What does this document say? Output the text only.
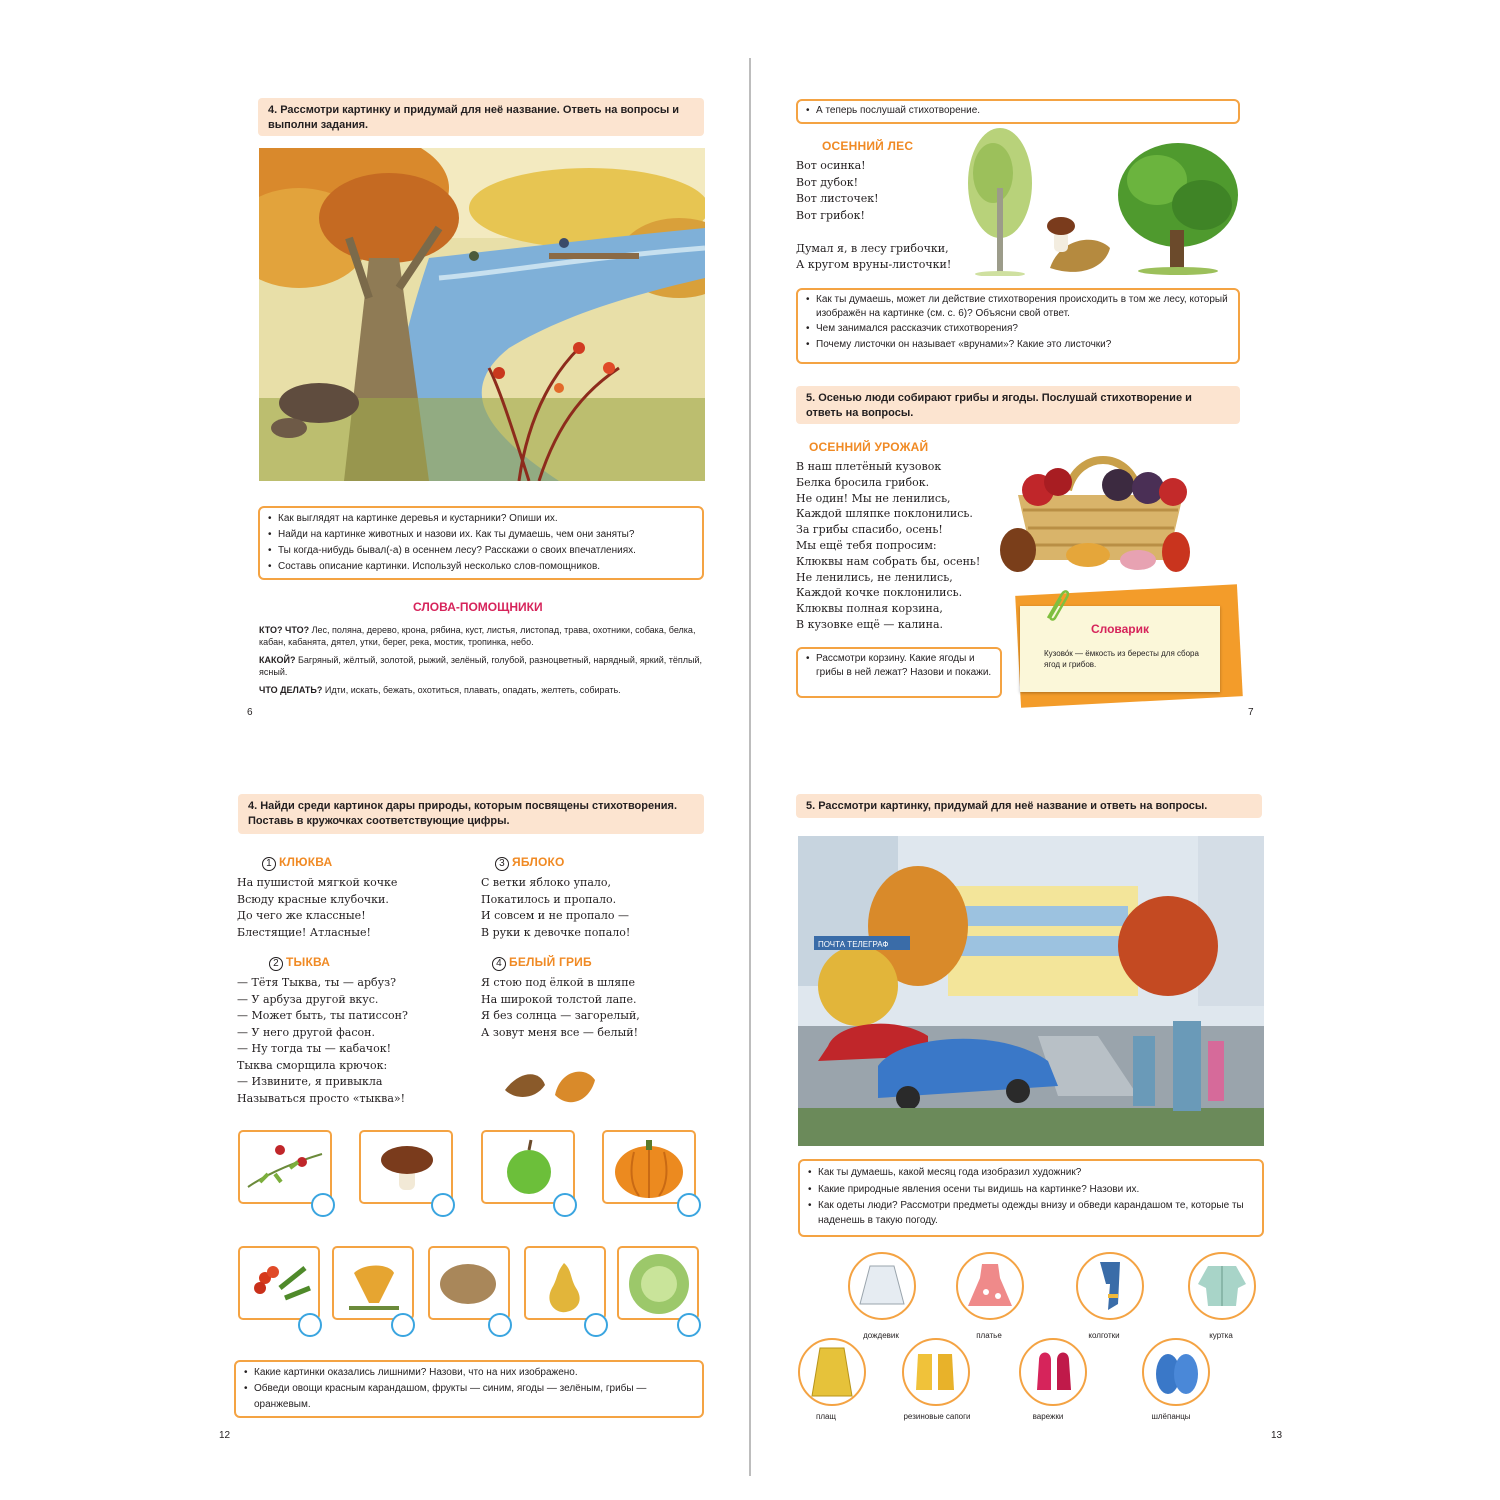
4. Рассмотри картинку и придумай для неё название. Ответь на вопросы и выполни задания.
• Как выглядят на картинке деревья и кустарники? Опиши их.
• Найди на картинке животных и назови их. Как ты думаешь, чем они заняты?
• Ты когда-нибудь бывал(-а) в осеннем лесу? Расскажи о своих впечатлениях.
• Составь описание картинки. Используй несколько слов-помощников.
СЛОВА-ПОМОЩНИКИ

КТО? ЧТО? Лес, поляна, дерево, крона, рябина, куст, листья, листопад, трава, охотники, собака, белка, кабан, кабанята, дятел, утки, берег, река, мостик, тропинка, небо.

КАКОЙ? Багряный, жёлтый, золотой, рыжий, зелёный, голубой, разноцветный, нарядный, яркий, тёплый, ясный.

ЧТО ДЕЛАТЬ? Идти, искать, бежать, охотиться, плавать, опадать, желтеть, собирать.

6
• А теперь послушай стихотворение.
ОСЕННИЙ ЛЕС
Вот осинка!
Вот дубок!
Вот листочек!
Вот грибок!

Думал я, в лесу грибочки,
А кругом вруны-листочки!
• Как ты думаешь, может ли действие стихотворения происходить в том же лесу, который изображён на картинке (см. с. 6)? Объясни свой ответ.
• Чем занимался рассказчик стихотворения?
• Почему листочки он называет «врунами»? Какие это листочки?
5. Осенью люди собирают грибы и ягоды. Послушай стихотворение и ответь на вопросы.
ОСЕННИЙ УРОЖАЙ
В наш плетёный кузовок
Белка бросила грибок.
Не один! Мы не ленились,
Каждой шляпке поклонились.
За грибы спасибо, осень!
Мы ещё тебя попросим:
Клюквы нам собрать бы, осень!
Не ленились, не ленились,
Каждой кочке поклонились.
Клюквы полная корзина,
В кузовке ещё — калина.	Словарик
Кузово́к — ёмкость из бересты для сбора ягод и грибов.
• Рассмотри корзину. Какие ягоды и грибы в ней лежат? Назови и покажи.
7
4. Найди среди картинок дары природы, которым посвящены стихотворения. Поставь в кружочках соответствующие цифры.
1 КЛЮКВА
На пушистой мягкой кочке
Всюду красные клубочки.
До чего же классные!
Блестящие! Атласные!
2 ТЫКВА
— Тётя Тыква, ты — арбуз?
— У арбуза другой вкус.
— Может быть, ты патиссон?
— У него другой фасон.
— Ну тогда ты — кабачок!
Тыква сморщила крючок:
— Извините, я привыкла
Называться просто «тыква»!
3 ЯБЛОКО
С ветки яблоко упало,
Покатилось и пропало.
И совсем и не пропало —
В руки к девочке попало!
4 БЕЛЫЙ ГРИБ
Я стою под ёлкой в шляпе
На широкой толстой лапе.
Я без солнца — загорелый,
А зовут меня все — белый!
• Какие картинки оказались лишними? Назови, что на них изображено.
• Обведи овощи красным карандашом, фрукты — синим, ягоды — зелёным, грибы — оранжевым.
12
5. Рассмотри картинку, придумай для неё название и ответь на вопросы.
ПОЧТА ТЕЛЕГРАФ
• Как ты думаешь, какой месяц года изобразил художник?
• Какие природные явления осени ты видишь на картинке? Назови их.
• Как одеты люди? Рассмотри предметы одежды внизу и обведи карандашом те, которые ты наденешь в такую погоду.
дождевик	платье	колготки	куртка
плащ	резиновые сапоги	варежки	шлёпанцы
13
